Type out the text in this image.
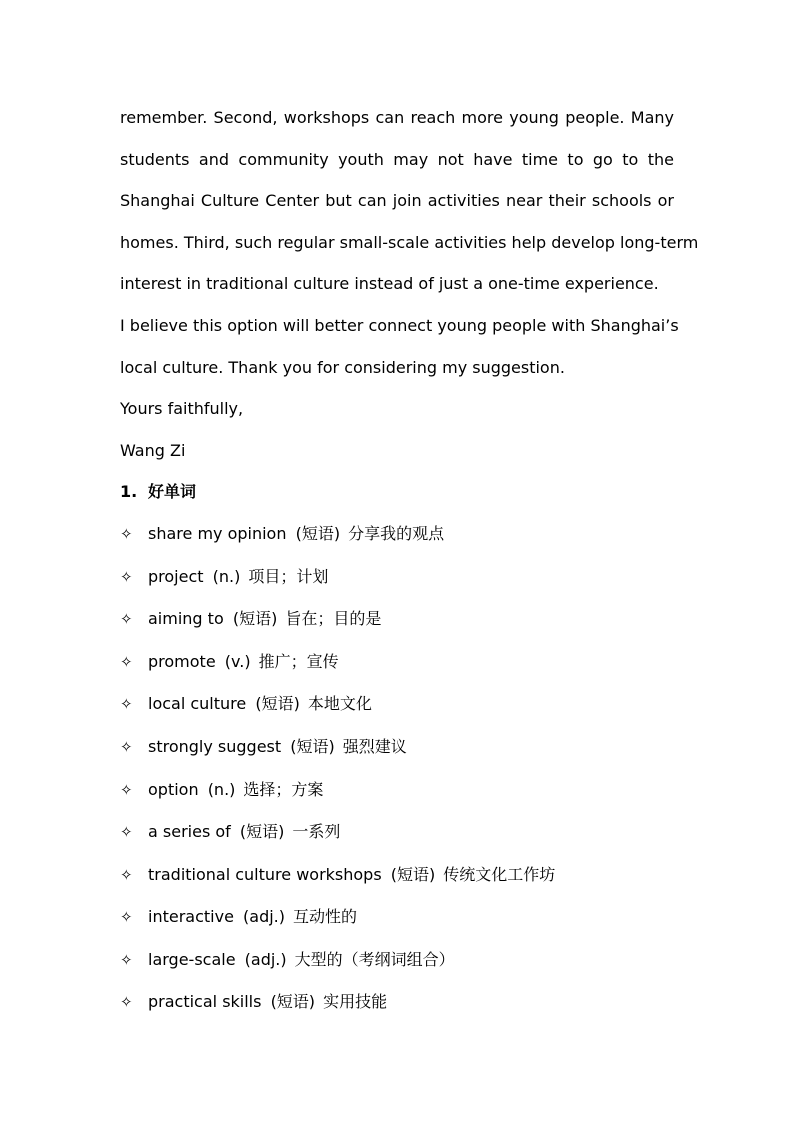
remember. Second, workshops can reach more young people. Many
students and community youth may not have time to go to the
Shanghai Culture Center but can join activities near their schools or
homes. Third, such regular small-scale activities help develop long-term
interest in traditional culture instead of just a one-time experience.

I believe this option will better connect young people with Shanghai’s
local culture. Thank you for considering my suggestion.

Yours faithfully,

Wang Zi

1. 好单词

✧ share my opinion (短语) 分享我的观点
✧ project (n.) 项目；计划
✧ aiming to (短语) 旨在；目的是
✧ promote (v.) 推广；宣传
✧ local culture (短语) 本地文化
✧ strongly suggest (短语) 强烈建议
✧ option (n.) 选择；方案
✧ a series of (短语) 一系列
✧ traditional culture workshops (短语) 传统文化工作坊
✧ interactive (adj.) 互动性的
✧ large-scale (adj.) 大型的（考纲词组合）
✧ practical skills (短语) 实用技能
